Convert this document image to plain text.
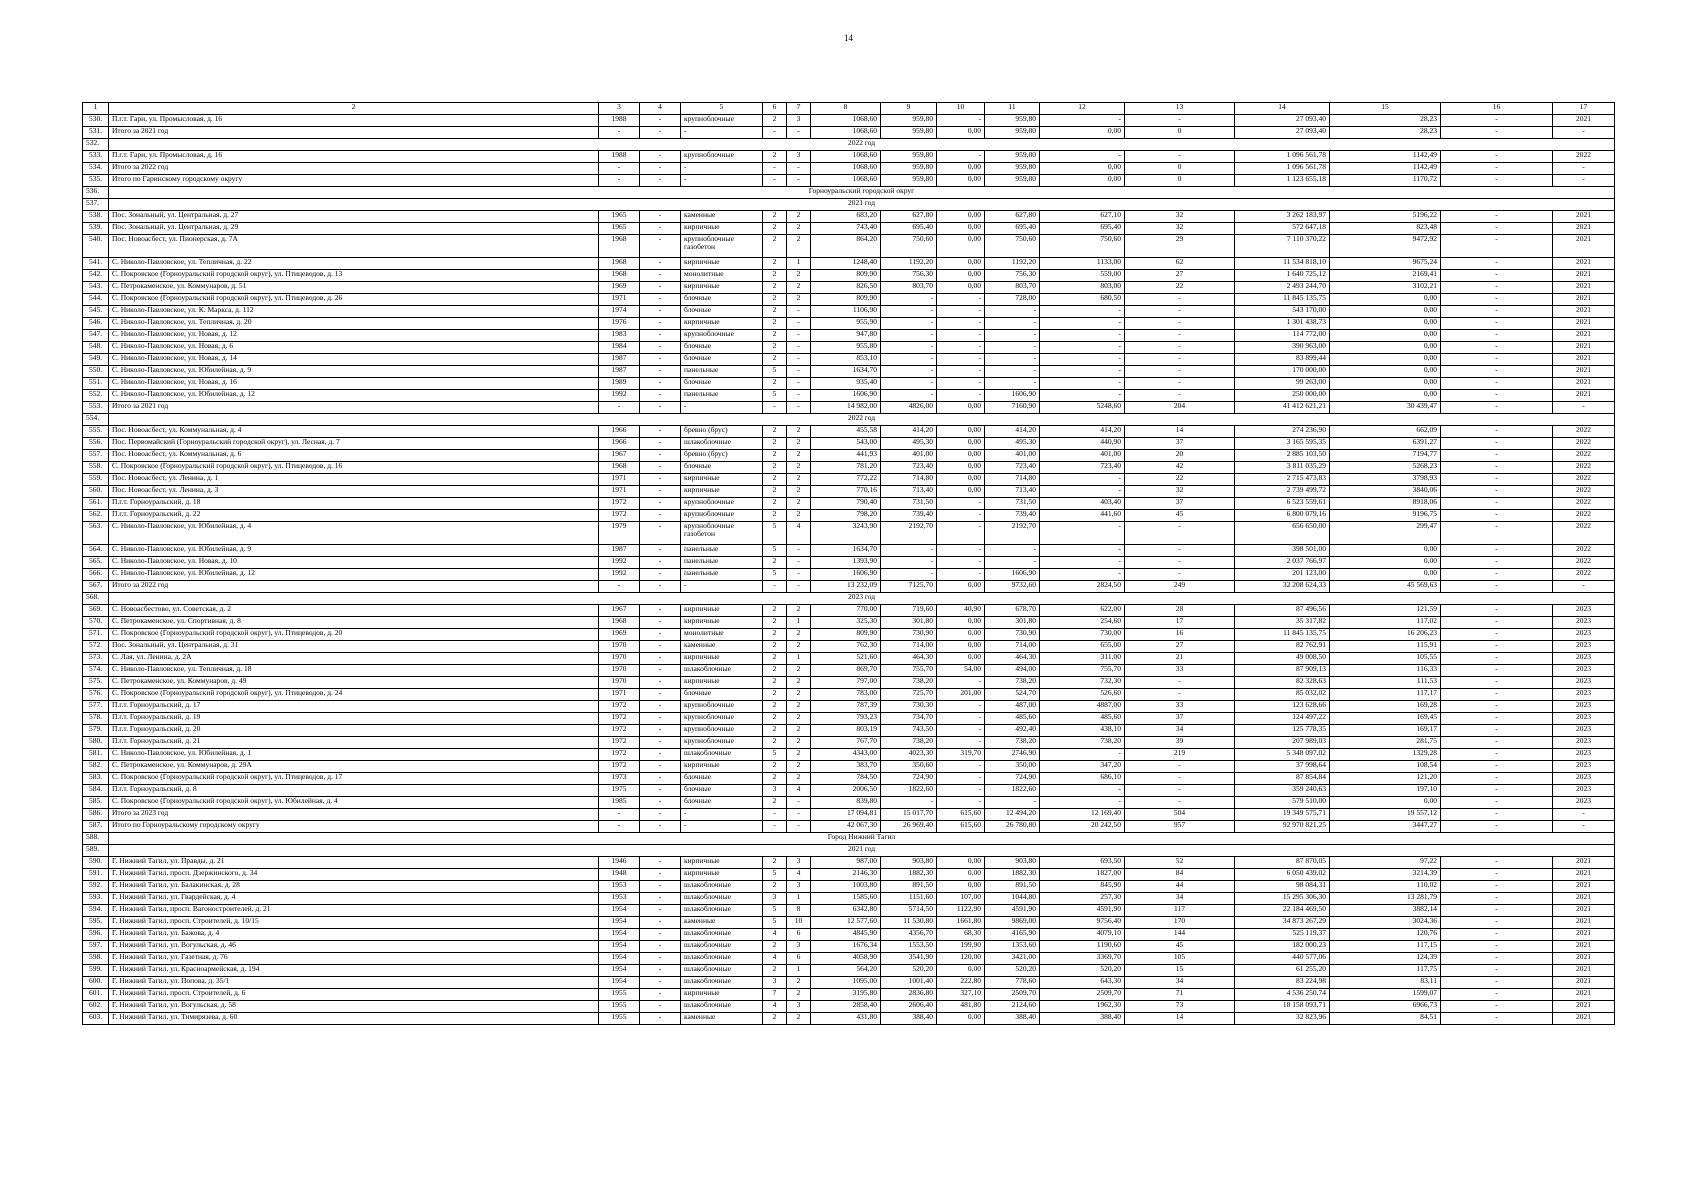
14
1	2	3	4	5	6	7	8	9	10	11	12	13	14	15	16	17
530.	П.г.т. Гари, ул. Промысловая, д. 16	1988	-	крупноблочные	2	3	1068,60	959,80	-	959,80	-	-	27 093,40	28,23	-	2021
531.	Итого за 2021 год	-	-	-	-	-	1068,60	959,80	0,00	959,80	0,00	0	27 093,40	28,23	-	-
532.	2022 год															
533.	П.г.т. Гари, ул. Промысловая, д. 16	1988	-	крупноблочные	2	3	1068,60	959,80	-	959,80	-	-	1 096 561,78	1142,49	-	2022
534.	Итого за 2022 год	-	-	-	-	-	1068,60	959,80	0,00	959,80	0,00	0	1 096 561,78	1142,49	-	-
535.	Итого по Гаринскому городскому округу	-	-	-	-	-	1068,60	959,80	0,00	959,80	0,00	0	1 123 655,18	1170,72	-	-
536.	Горноуральский городской округ															
537.	2021 год															
538.	Пос. Зональный, ул. Центральная, д. 27	1965	-	каменные	2	2	683,20	627,80	0,00	627,80	627,10	32	3 262 183,97	5196,22	-	2021
539.	Пос. Зональный, ул. Центральная, д. 29	1965	-	кирпичные	2	2	743,40	695,40	0,00	695,40	695,40	32	572 647,18	823,48	-	2021
540.	Пос. Новоасбест, ул. Пионерская, д. 7А	1968	-	крупноблочные газобетон	2	2	864,20	750,60	0,00	750,60	750,60	29	7 110 370,22	9472,92	-	2021
541.	С. Николо-Павловское, ул. Тепличная, д. 22	1968	-	кирпичные	2	1	1248,40	1192,20	0,00	1192,20	1133,00	62	11 534 818,10	9675,24	-	2021
542.	С. Покровское (Горноуральский городской округ), ул. Птицеводов, д. 13	1968	-	монолитные	2	2	809,90	756,30	0,00	756,30	559,00	27	1 640 725,12	2169,41	-	2021
543.	С. Петрокаменское, ул. Коммунаров, д. 51	1969	-	кирпичные	2	2	826,50	803,70	0,00	803,70	803,00	22	2 493 244,70	3102,21	-	2021
544.	С. Покровское (Горноуральский городской округ), ул. Птицеводов, д. 26	1971	-	блочные	2	2	809,90	-	-	728,00	680,50	-	11 845 135,75	0,00	-	2021
545.	С. Николо-Павловское, ул. К. Маркса, д. 112	1974	-	блочные	2	-	1106,90	-	-	-	-	-	543 170,00	0,00	-	2021
546.	С. Николо-Павловское, ул. Тепличная, д. 20	1976	-	кирпичные	2	-	955,90	-	-	-	-	-	1 301 438,73	0,00	-	2021
547.	С. Николо-Павловское, ул. Новая, д. 12	1983	-	крупноблочные	2	-	947,80	-	-	-	-	-	114 772,00	0,00	-	2021
548.	С. Николо-Павловское, ул. Новая, д. 6	1984	-	блочные	2	-	955,80	-	-	-	-	-	390 963,00	0,00	-	2021
549.	С. Николо-Павловское, ул. Новая, д. 14	1987	-	блочные	2	-	853,10	-	-	-	-	-	83 899,44	0,00	-	2021
550.	С. Николо-Павловское, ул. Юбилейная, д. 9	1987	-	панельные	5	-	1634,70	-	-	-	-	-	170 000,00	0,00	-	2021
551.	С. Николо-Павловское, ул. Новая, д. 16	1989	-	блочные	2	-	935,40	-	-	-	-	-	99 263,00	0,00	-	2021
552.	С. Николо-Павловское, ул. Юбилейная, д. 12	1992	-	панельные	5	-	1606,90	-	-	1606,90	-	-	250 000,00	0,00	-	2021
553.	Итого за 2021 год	-	-	-	-	-	14 982,00	4826,00	0,00	7160,90	5248,60	204	41 412 621,21	30 439,47	-	-
554.	2022 год															
555.	Пос. Новоасбест, ул. Коммунальная, д. 4	1966	-	бревно (брус)	2	2	455,58	414,20	0,00	414,20	414,20	14	274 236,90	662,09	-	2022
556.	Пос. Первомайский (Горноуральский городской округ), ул. Лесная, д. 7	1966	-	шлакоблочные	2	2	543,00	495,30	0,00	495,30	440,90	37	3 165 595,35	6391,27	-	2022
557.	Пос. Новоасбест, ул. Коммунальная, д. 6	1967	-	бревно (брус)	2	2	441,93	401,00	0,00	401,00	401,00	20	2 885 103,50	7194,77	-	2022
558.	С. Покровское (Горноуральский городской округ), ул. Птицеводов, д. 16	1968	-	блочные	2	2	781,20	723,40	0,00	723,40	723,40	42	3 811 035,29	5268,23	-	2022
559.	Пос. Новоасбест, ул. Ленина, д. 1	1971	-	кирпичные	2	2	772,22	714,80	0,00	714,80	-	22	2 715 473,83	3798,93	-	2022
560.	Пос. Новоасбест, ул. Ленина, д. 3	1971	-	кирпичные	2	2	770,16	713,40	0,00	713,40	-	32	2 739 499,72	3840,06	-	2022
561.	П.г.т. Горноуральский, д. 18	1972	-	крупноблочные	2	2	790,40	731,50	-	731,50	403,40	37	6 523 559,61	8918,06	-	2022
562.	П.г.т. Горноуральский, д. 22	1972	-	крупноблочные	2	2	798,20	739,40	-	739,40	441,60	45	6 800 079,16	9196,75	-	2022
563.	С. Николо-Павловское, ул. Юбилейная, д. 4	1979	-	крупноблочные газобетон	5	4	3243,90	2192,70	-	2192,70	-	-	656 650,00	299,47	-	2022
564.	С. Николо-Павловское, ул. Юбилейная, д. 9	1987	-	панельные	5	-	1634,70	-	-	-	-	-	398 501,00	0,00	-	2022
565.	С. Николо-Павловское, ул. Новая, д. 10	1992	-	панельные	2	-	1393,90	-	-	-	-	-	2 037 766,97	0,00	-	2022
566.	С. Николо-Павловское, ул. Юбилейная, д. 12	1992	-	панельные	5	-	1606,90	-	-	1606,90	-	-	201 123,00	0,00	-	2022
567.	Итого за 2022 год	-	-	-	-	-	13 232,09	7125,70	0,00	9732,60	2824,50	249	32 208 624,33	45 569,63	-	-
568.	2023 год															
569.	С. Новоасбестово, ул. Советская, д. 2	1967	-	кирпичные	2	2	770,00	719,60	40,90	678,70	622,00	28	87 496,56	121,59	-	2023
570.	С. Петрокаменское, ул. Спортивная, д. 8	1968	-	кирпичные	2	1	325,30	301,80	0,00	301,80	254,60	17	35 317,82	117,02	-	2023
571.	С. Покровское (Горноуральский городской округ), ул. Птицеводов, д. 20	1969	-	монолитные	2	2	809,90	730,90	0,00	730,90	730,00	16	11 845 135,75	16 206,23	-	2023
572.	Пос. Зональный, ул. Центральная, д. 31	1970	-	каменные	2	2	762,30	714,00	0,00	714,00	655,00	27	82 762,91	115,91	-	2023
573.	С. Лая, ул. Ленина, д. 2А	1970	-	кирпичные	2	1	521,60	464,30	0,00	464,30	311,00	21	49 008,50	105,55	-	2023
574.	С. Николо-Павловское, ул. Тепличная, д. 18	1970	-	шлакоблочные	2	2	869,70	755,70	54,00	494,00	755,70	33	87 909,13	116,33	-	2023
575.	С. Петрокаменское, ул. Коммунаров, д. 49	1970	-	кирпичные	2	2	797,00	738,20	-	738,20	732,30	-	82 328,63	111,53	-	2023
576.	С. Покровское (Горноуральский городской округ), ул. Птицеводов, д. 24	1971	-	блочные	2	2	783,00	725,70	201,00	524,70	526,60	-	85 032,02	117,17	-	2023
577.	П.г.т. Горноуральский, д. 17	1972	-	крупноблочные	2	2	787,39	730,30	-	487,00	4887,00	33	123 628,66	169,28	-	2023
578.	П.г.т. Горноуральский, д. 19	1972	-	крупноблочные	2	2	793,23	734,70	-	485,60	485,60	37	124 497,22	169,45	-	2023
579.	П.г.т. Горноуральский, д. 20	1972	-	крупноблочные	2	2	803,19	743,50	-	492,40	438,10	34	125 778,35	169,17	-	2023
580.	П.г.т. Горноуральский, д. 21	1972	-	крупноблочные	2	2	767,70	738,20	-	738,20	738,20	39	207 989,03	281,75	-	2023
581.	С. Николо-Павловское, ул. Юбилейная, д. 1	1972	-	шлакоблочные	5	2	4343,00	4023,30	319,70	2746,90	-	219	5 348 097,02	1329,28	-	2023
582.	С. Петрокаменское, ул. Коммунаров, д. 29А	1972	-	кирпичные	2	2	383,70	350,60	-	350,00	347,20	-	37 998,64	108,54	-	2023
583.	С. Покровское (Горноуральский городской округ), ул. Птицеводов, д. 17	1973	-	блочные	2	2	784,50	724,90	-	724,90	686,10	-	87 854,84	121,20	-	2023
584.	П.г.т. Горноуральский, д. 8	1975	-	блочные	3	4	2006,50	1822,60	-	1822,60	-	-	359 240,63	197,10	-	2023
585.	С. Покровское (Горноуральский городской округ), ул. Юбилейная, д. 4	1985	-	блочные	2	-	839,80	-	-	-	-	-	579 510,00	0,00	-	2023
586.	Итого за 2023 год	-	-	-	-	-	17 094,81	15 017,70	615,60	12 494,20	12 169,40	504	19 349 575,71	19 557,12	-	-
587.	Итого по Горноуральскому городскому округу	-	-	-	-	-	42 067,30	26 969,40	615,60	26 780,80	20 242,50	957	92 970 821,25	3447,27	-	-
588.	Город Нижний Тагил															
589.	2021 год															
590.	Г. Нижний Тагил, ул. Правды, д. 21	1946	-	кирпичные	2	3	987,00	903,80	0,00	903,80	693,50	52	87 870,05	97,22	-	2021
591.	Г. Нижний Тагил, просп. Дзержинского, д. 34	1948	-	кирпичные	5	4	2146,30	1882,30	0,00	1882,30	1827,00	84	6 050 439,02	3214,39	-	2021
592.	Г. Нижний Тагил, ул. Балакинская, д. 28	1953	-	шлакоблочные	2	3	1003,80	891,50	0,00	891,50	845,90	44	98 084,31	110,02	-	2021
593.	Г. Нижний Тагил, ул. Гвардейская, д. 4	1953	-	шлакоблочные	3	1	1585,60	1151,60	107,00	1044,80	257,30	34	15 295 306,30	13 281,79	-	2021
594.	Г. Нижний Тагил, просп. Вагоностроителей, д. 21	1954	-	шлакоблочные	5	8	6342,80	5714,50	1122,90	4591,90	4591,90	117	22 184 469,50	3882,14	-	2021
595.	Г. Нижний Тагил, просп. Строителей, д. 10/15	1954	-	каменные	5	10	12 577,60	11 530,80	1661,80	9869,00	9756,40	170	34 873 267,29	3024,36	-	2021
596.	Г. Нижний Тагил, ул. Бажова, д. 4	1954	-	шлакоблочные	4	6	4845,90	4356,70	68,30	4165,90	4079,10	144	525 119,37	120,76	-	2021
597.	Г. Нижний Тагил, ул. Вогульская, д. 46	1954	-	шлакоблочные	2	3	1676,34	1553,50	199,90	1353,60	1190,60	45	182 000,23	117,15	-	2021
598.	Г. Нижний Тагил, ул. Газетная, д. 76	1954	-	шлакоблочные	4	6	4058,90	3541,90	120,00	3421,00	3369,70	105	440 577,06	124,39	-	2021
599.	Г. Нижний Тагил, ул. Красноармейская, д. 194	1954	-	шлакоблочные	2	1	564,20	520,20	0,00	520,20	520,20	15	61 255,20	117,75	-	2021
600.	Г. Нижний Тагил, ул. Попова, д. 35/1	1954	-	шлакоблочные	3	2	1095,00	1001,40	222,80	778,60	643,30	34	83 224,98	83,11	-	2021
601.	Г. Нижний Тагил, просп. Строителей, д. 6	1955	-	кирпичные	7	2	3195,80	2836,80	327,10	2509,70	2509,70	71	4 536 250,74	1599,07	-	2021
602.	Г. Нижний Тагил, ул. Вогульская, д. 58	1955	-	шлакоблочные	4	3	2858,40	2606,40	481,80	2124,60	1962,30	73	18 158 093,71	6966,73	-	2021
603.	Г. Нижний Тагил, ул. Тимирязева, д. 60	1955	-	каменные	2	2	431,80	388,40	0,00	388,40	388,40	14	32 823,96	84,51	-	2021
